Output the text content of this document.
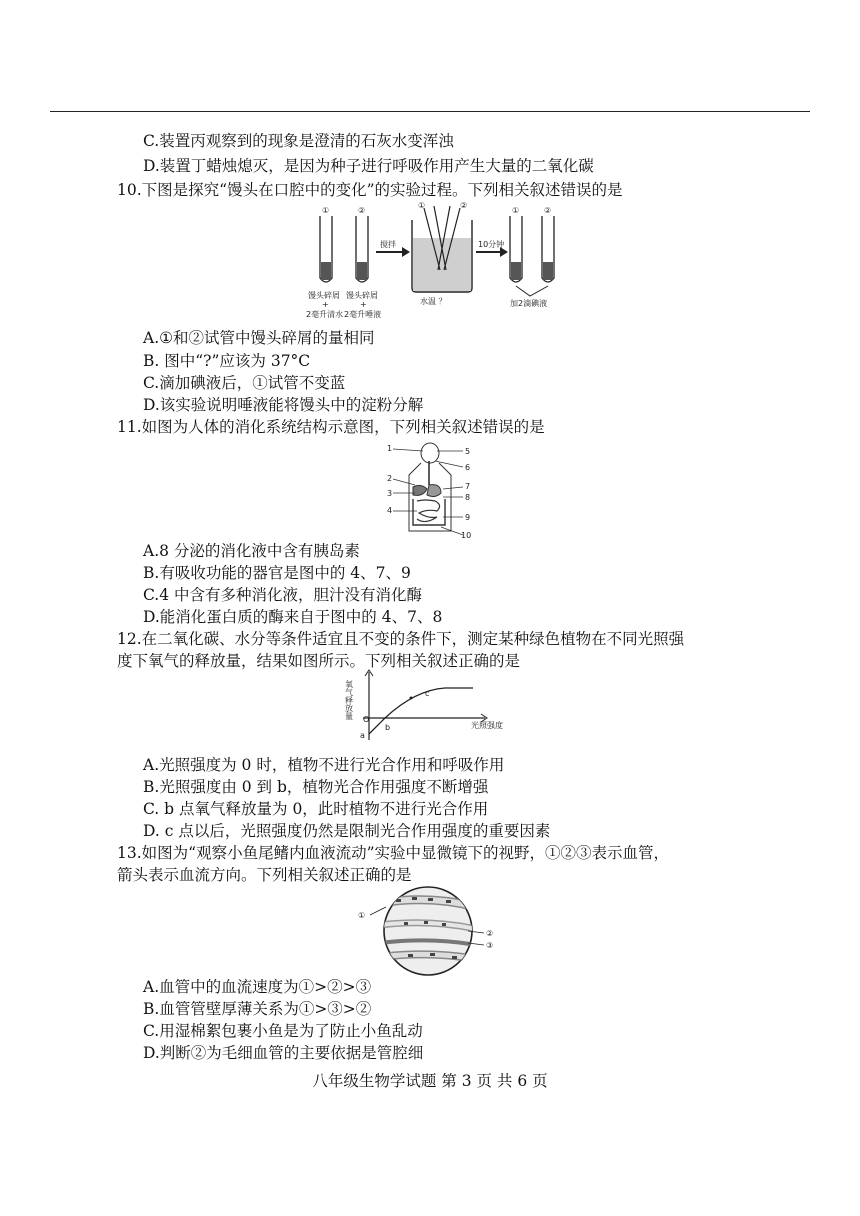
C.装置丙观察到的现象是澄清的石灰水变浑浊
D.装置丁蜡烛熄灭，是因为种子进行呼吸作用产生大量的二氧化碳
10.下图是探究“馒头在口腔中的变化”的实验过程。下列相关叙述错误的是
①	②
馒头碎屑 馒头碎屑
+	+
2毫升清水 2毫升唾液
搅拌
①	②
水温 ？
10分钟
①	②
加2滴碘液
A.①和②试管中馒头碎屑的量相同
B. 图中“?”应该为 37°C
C.滴加碘液后，①试管不变蓝
D.该实验说明唾液能将馒头中的淀粉分解
11.如图为人体的消化系统结构示意图，下列相关叙述错误的是
1
2
3
4
5
6
7
8
9
10
A.8 分泌的消化液中含有胰岛素
B.有吸收功能的器官是图中的 4、7、9
C.4 中含有多种消化液，胆汁没有消化酶
D.能消化蛋白质的酶来自于图中的 4、7、8
12.在二氧化碳、水分等条件适宜且不变的条件下，测定某种绿色植物在不同光照强
度下氧气的释放量，结果如图所示。下列相关叙述正确的是
氧气释放量 O
a
b
c
光照强度
A.光照强度为 0 时，植物不进行光合作用和呼吸作用
B.光照强度由 0 到 b，植物光合作用强度不断增强
C. b 点氧气释放量为 0，此时植物不进行光合作用
D. c 点以后，光照强度仍然是限制光合作用强度的重要因素
13.如图为“观察小鱼尾鳍内血液流动”实验中显微镜下的视野，①②③表示血管，
箭头表示血流方向。下列相关叙述正确的是
①
②
③
A.血管中的血流速度为①>②>③
B.血管管壁厚薄关系为①>③>②
C.用湿棉絮包裹小鱼是为了防止小鱼乱动
D.判断②为毛细血管的主要依据是管腔细
八年级生物学试题 第 3 页 共 6 页
